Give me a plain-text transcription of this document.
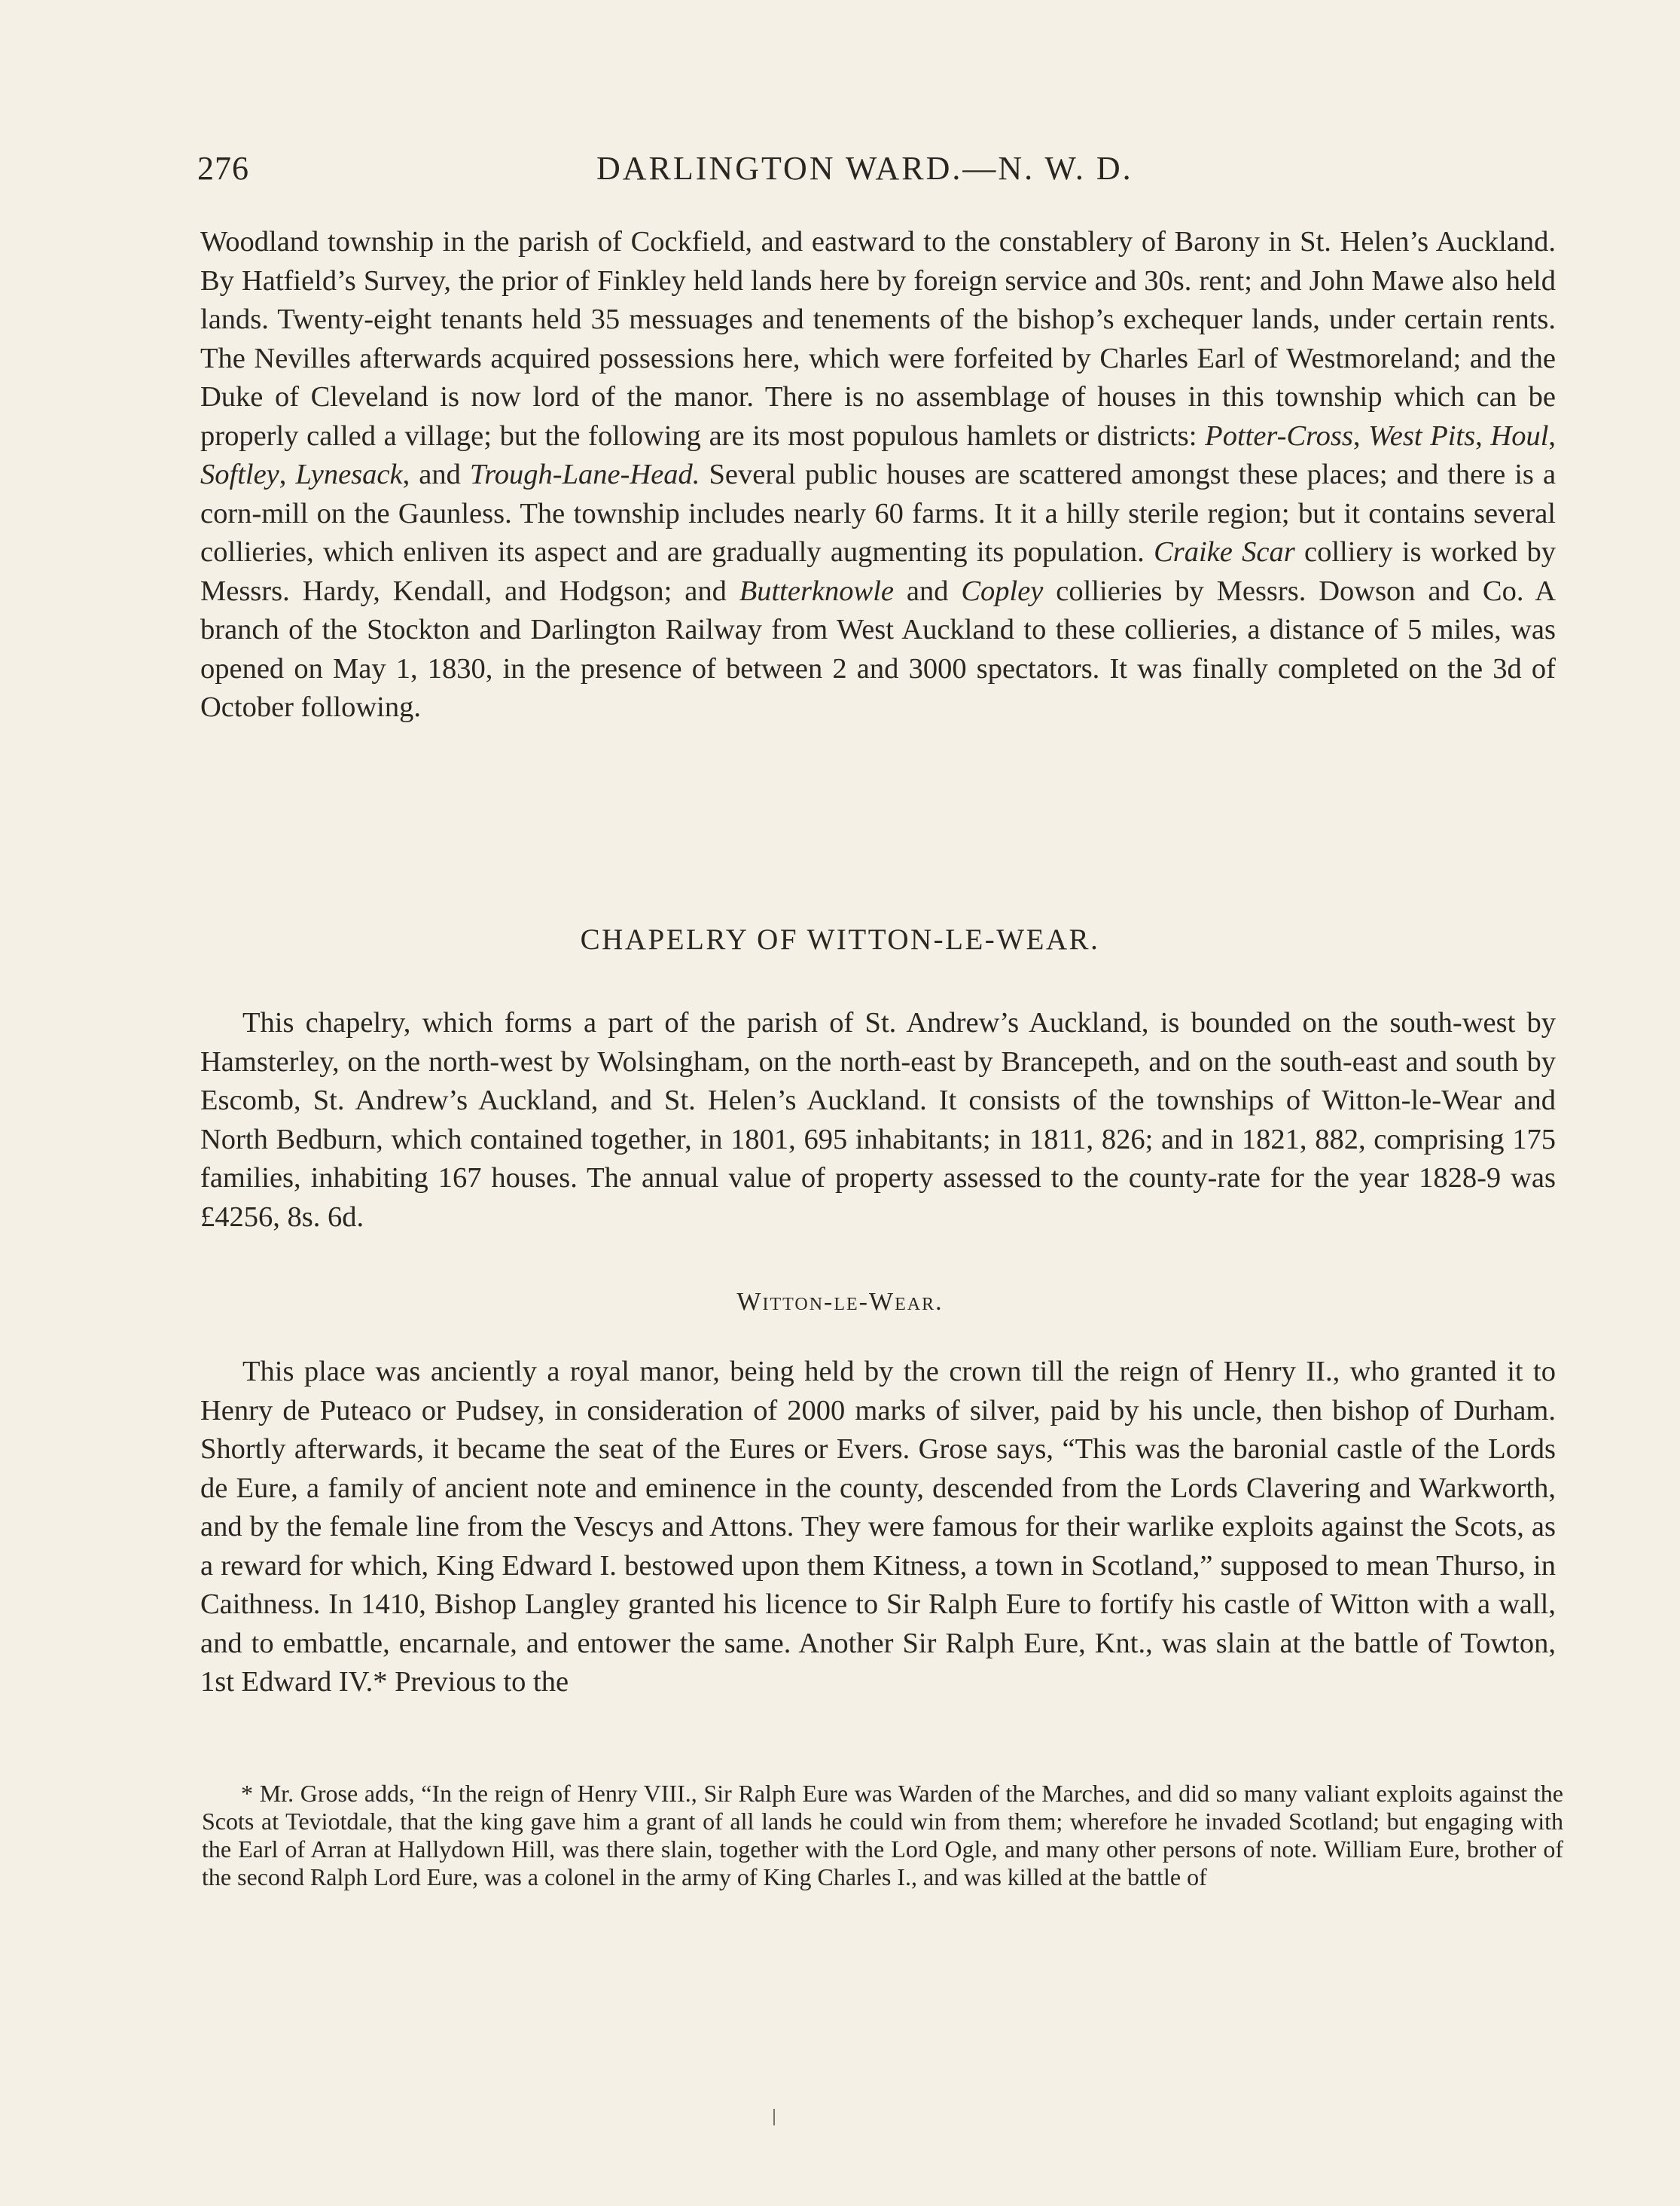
276	DARLINGTON WARD.—N. W. D.

Woodland township in the parish of Cockfield, and eastward to the constablery of Barony in St. Helen’s Auckland. By Hatfield’s Survey, the prior of Finkley held lands here by foreign service and 30s. rent; and John Mawe also held lands. Twenty-eight tenants held 35 messuages and tenements of the bishop’s exchequer lands, under certain rents. The Nevilles afterwards acquired possessions here, which were forfeited by Charles Earl of Westmoreland; and the Duke of Cleveland is now lord of the manor. There is no assemblage of houses in this township which can be properly called a village; but the following are its most populous hamlets or districts: Potter-Cross, West Pits, Houl, Softley, Lynesack, and Trough-Lane-Head. Several public houses are scattered amongst these places; and there is a corn-mill on the Gaunless. The township includes nearly 60 farms. It it a hilly sterile region; but it contains several collieries, which enliven its aspect and are gradually augmenting its population. Craike Scar colliery is worked by Messrs. Hardy, Kendall, and Hodgson; and Butterknowle and Copley collieries by Messrs. Dowson and Co. A branch of the Stockton and Darlington Railway from West Auckland to these collieries, a distance of 5 miles, was opened on May 1, 1830, in the presence of between 2 and 3000 spectators. It was finally completed on the 3d of October following.

CHAPELRY OF WITTON-LE-WEAR.

This chapelry, which forms a part of the parish of St. Andrew’s Auckland, is bounded on the south-west by Hamsterley, on the north-west by Wolsingham, on the north-east by Brancepeth, and on the south-east and south by Escomb, St. Andrew’s Auckland, and St. Helen’s Auckland. It consists of the townships of Witton-le-Wear and North Bedburn, which contained together, in 1801, 695 inhabitants; in 1811, 826; and in 1821, 882, comprising 175 families, inhabiting 167 houses. The annual value of property assessed to the county-rate for the year 1828-9 was £4256, 8s. 6d.

Witton-le-Wear.

This place was anciently a royal manor, being held by the crown till the reign of Henry II., who granted it to Henry de Puteaco or Pudsey, in consideration of 2000 marks of silver, paid by his uncle, then bishop of Durham. Shortly afterwards, it became the seat of the Eures or Evers. Grose says, “This was the baronial castle of the Lords de Eure, a family of ancient note and eminence in the county, descended from the Lords Clavering and Warkworth, and by the female line from the Vescys and Attons. They were famous for their warlike exploits against the Scots, as a reward for which, King Edward I. bestowed upon them Kitness, a town in Scotland,” supposed to mean Thurso, in Caithness. In 1410, Bishop Langley granted his licence to Sir Ralph Eure to fortify his castle of Witton with a wall, and to embattle, encarnale, and entower the same. Another Sir Ralph Eure, Knt., was slain at the battle of Towton, 1st Edward IV.* Previous to the

* Mr. Grose adds, “In the reign of Henry VIII., Sir Ralph Eure was Warden of the Marches, and did so many valiant exploits against the Scots at Teviotdale, that the king gave him a grant of all lands he could win from them; wherefore he invaded Scotland; but engaging with the Earl of Arran at Hallydown Hill, was there slain, together with the Lord Ogle, and many other persons of note. William Eure, brother of the second Ralph Lord Eure, was a colonel in the army of King Charles I., and was killed at the battle of
